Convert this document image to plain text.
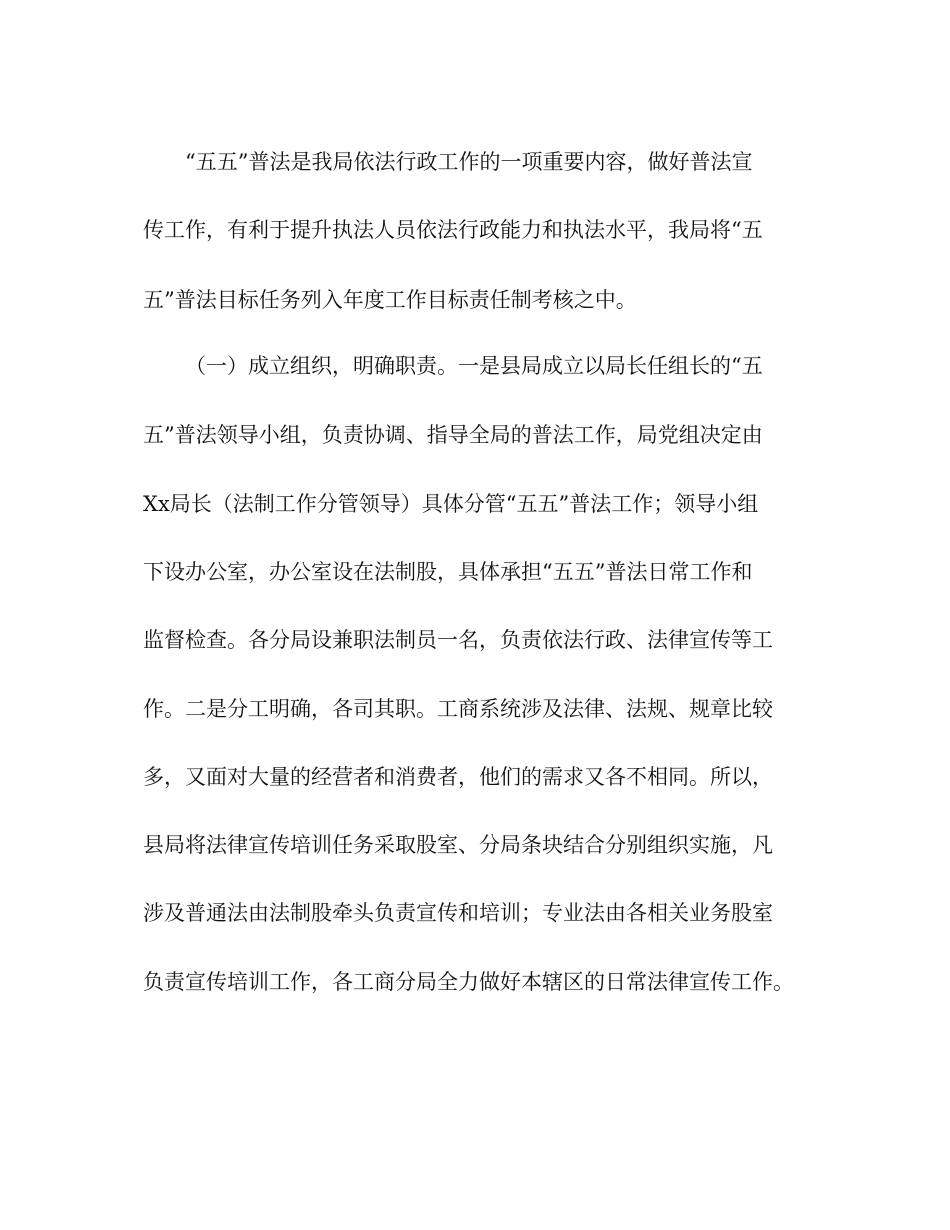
“五五”普法是我局依法行政工作的一项重要内容，做好普法宣

传工作，有利于提升执法人员依法行政能力和执法水平，我局将“五

五”普法目标任务列入年度工作目标责任制考核之中。

（一）成立组织，明确职责。一是县局成立以局长任组长的“五

五”普法领导小组，负责协调、指导全局的普法工作，局党组决定由

Xx局长（法制工作分管领导）具体分管“五五”普法工作；领导小组

下设办公室，办公室设在法制股，具体承担“五五”普法日常工作和

监督检查。各分局设兼职法制员一名，负责依法行政、法律宣传等工

作。二是分工明确，各司其职。工商系统涉及法律、法规、规章比较

多，又面对大量的经营者和消费者，他们的需求又各不相同。所以，

县局将法律宣传培训任务采取股室、分局条块结合分别组织实施，凡

涉及普通法由法制股牵头负责宣传和培训；专业法由各相关业务股室

负责宣传培训工作，各工商分局全力做好本辖区的日常法律宣传工作。
